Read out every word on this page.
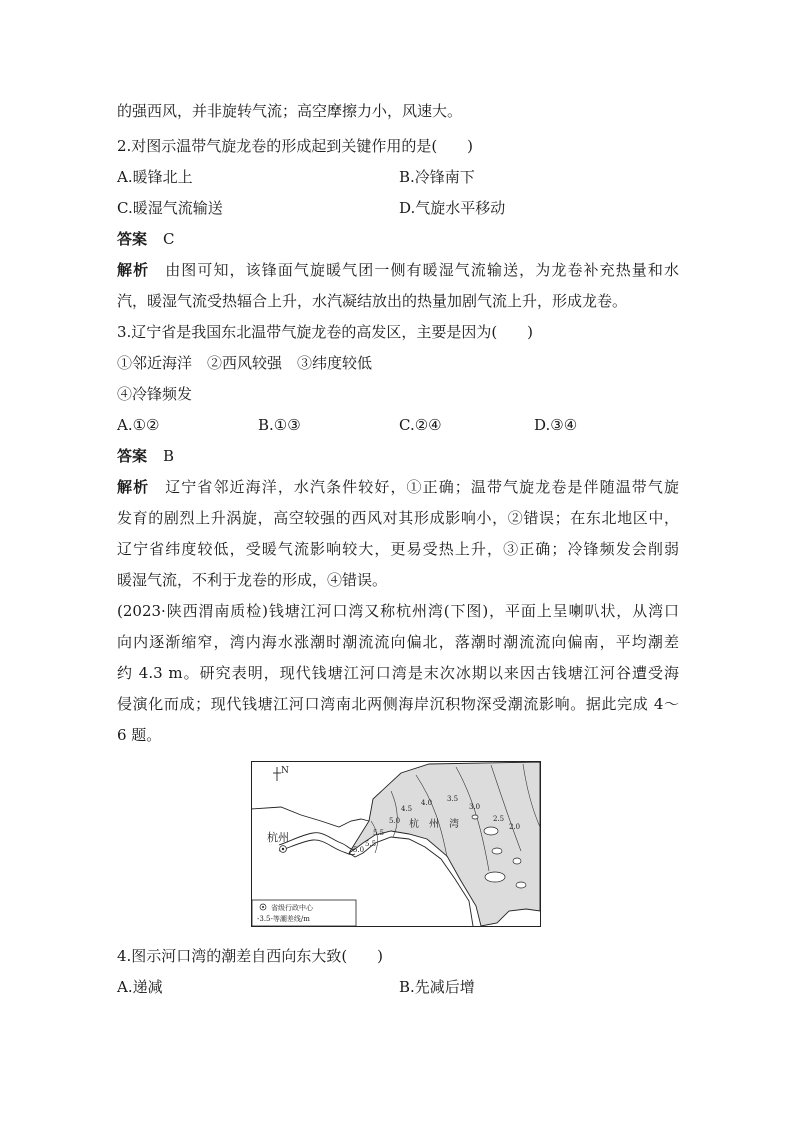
的强西风，并非旋转气流；高空摩擦力小，风速大。
2.对图示温带气旋龙卷的形成起到关键作用的是(　　)
A.暖锋北上	B.冷锋南下
C.暖湿气流输送	D.气旋水平移动
答案 C
解析 由图可知，该锋面气旋暖气团一侧有暖湿气流输送，为龙卷补充热量和水
汽，暖湿气流受热辐合上升，水汽凝结放出的热量加剧气流上升，形成龙卷。
3.辽宁省是我国东北温带气旋龙卷的高发区，主要是因为(　　)
①邻近海洋　②西风较强　③纬度较低
④冷锋频发
A.①②	B.①③	C.②④	D.③④
答案 B
解析 辽宁省邻近海洋，水汽条件较好，①正确；温带气旋龙卷是伴随温带气旋
发育的剧烈上升涡旋，高空较强的西风对其形成影响小，②错误；在东北地区中，
辽宁省纬度较低，受暖气流影响较大，更易受热上升，③正确；冷锋频发会削弱
暖湿气流，不利于龙卷的形成，④错误。
(2023·陕西渭南质检)钱塘江河口湾又称杭州湾(下图)，平面上呈喇叭状，从湾口
向内逐渐缩窄，湾内海水涨潮时潮流流向偏北，落潮时潮流流向偏南，平均潮差
约 4.3 m。研究表明，现代钱塘江河口湾是末次冰期以来因古钱塘江河谷遭受海
侵演化而成；现代钱塘江河口湾南北两侧海岸沉积物深受潮流影响。据此完成 4～
6 题。
N
杭州
杭　州　湾
5.0
5.5
5.5
5.0
4.5
4.0 3.5
3.0
2.5
2.0
省级行政中心
-3.5-等潮差线/m
4.图示河口湾的潮差自西向东大致(　　)
A.递减	B.先减后增
